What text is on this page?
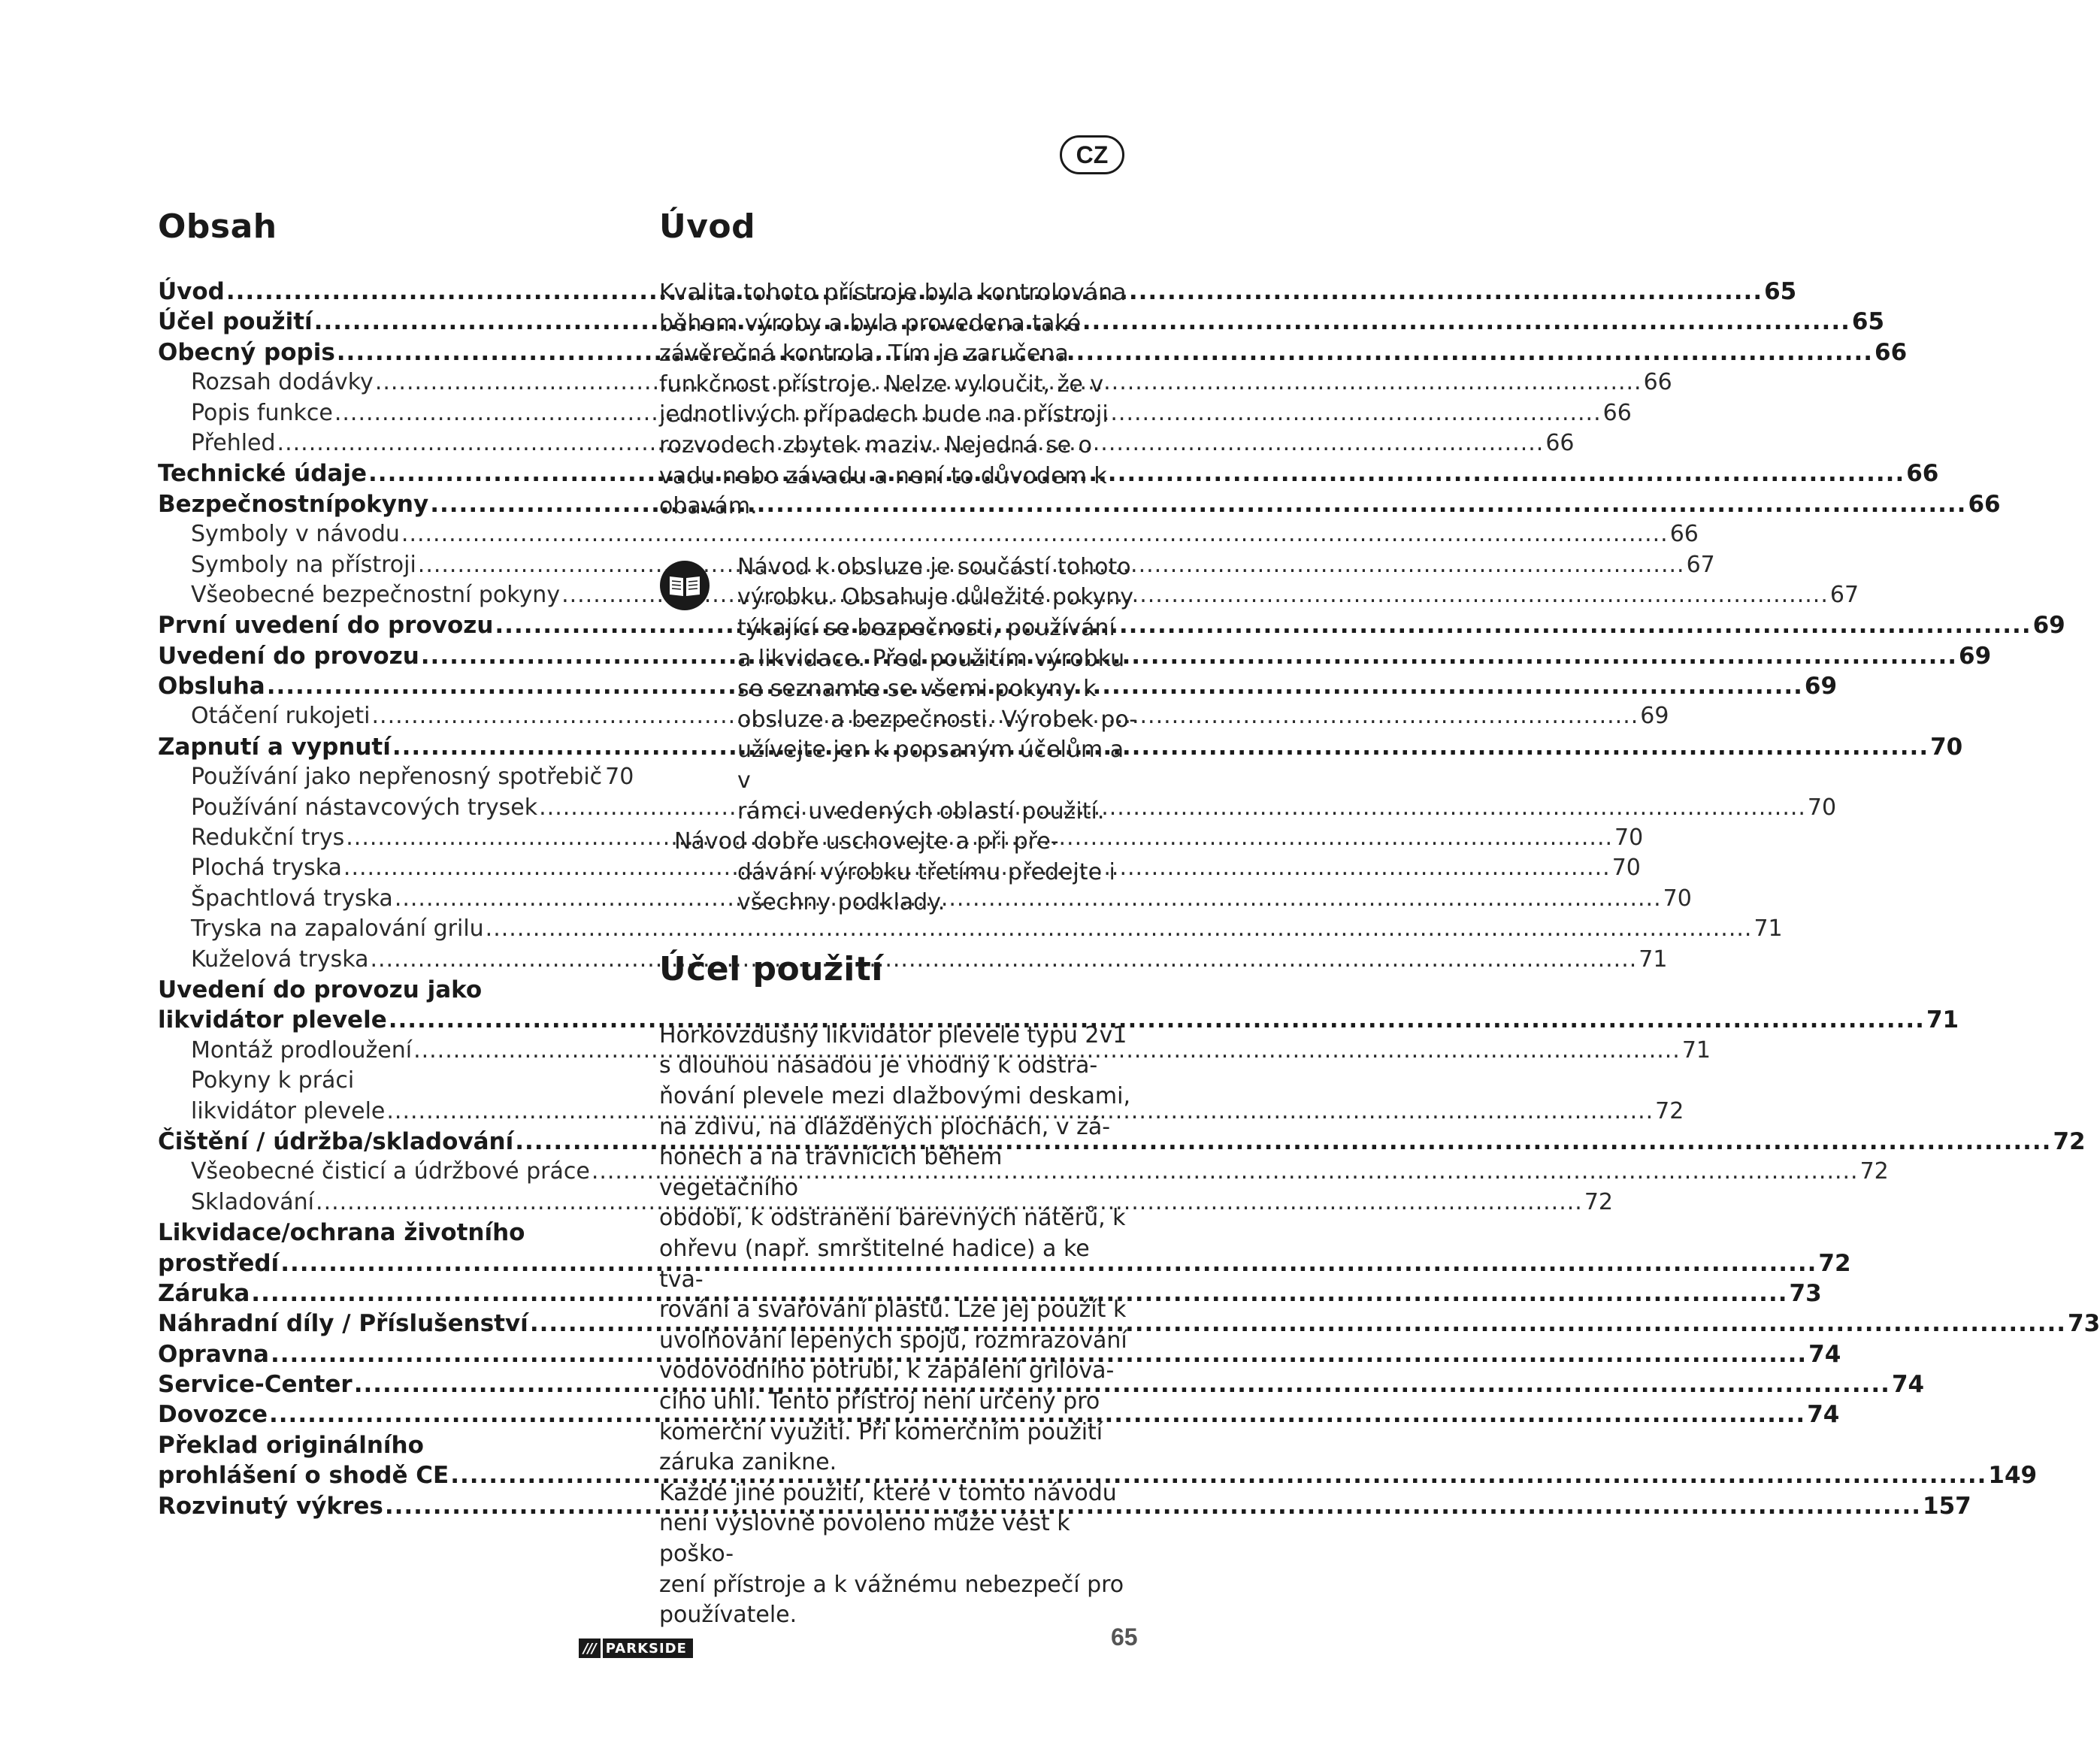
CZ
Obsah
Úvod .....	65
Účel použití .....	65
Obecný popis .....	66
Rozsah dodávky .....	66
Popis funkce .....	66
Přehled .....	66
Technické údaje .....	66
Bezpečnostnípokyny .....	66
Symboly v návodu .....	66
Symboly na přístroji .....	67
Všeobecné bezpečnostní pokyny .....	67
První uvedení do provozu .....	69
Uvedení do provozu .....	69
Obsluha .....	69
Otáčení rukojeti .....	69
Zapnutí a vypnutí .....	70
Používání jako nepřenosný spotřebič 70
Používání nástavcových trysek .....	70
Redukční trys .....	70
Plochá tryska .....	70
Špachtlová tryska .....	70
Tryska na zapalování grilu .....	71
Kuželová tryska .....	71
Uvedení do provozu jako
likvidátor plevele .....	71
Montáž prodloužení .....	71
Pokyny k práci
likvidátor plevele .....	72
Čištění / údržba/skladování .....	72
Všeobecné čisticí a údržbové práce .....	72
Skladování .....	72
Likvidace/ochrana životního
prostředí .....	72
Záruka .....	73
Náhradní díly / Příslušenství .....	73
Opravna .....	74
Service-Center .....	74
Dovozce .....	74
Překlad originálního
prohlášení o shodě CE .....	149
Rozvinutý výkres .....	157
Úvod
Kvalita tohoto přístroje byla kontrolována
během výroby a byla provedena také
závěrečná kontrola. Tím je zaručena
funkčnost přístroje. Nelze vyloučit, že v
jednotlivých případech bude na přístroji
rozvodech zbytek maziv. Nejedná se o
vadu nebo závadu a není to důvodem k
obavám.
Návod k obsluze je součástí tohoto
výrobku. Obsahuje důležité pokyny
týkající se bezpečnosti, používání
a likvidace. Před použitím výrobku
se seznamte se všemi pokyny k
obsluze a bezpečnosti. Výrobek po-
užívejte jen k popsaným účelům a v
rámci uvedených oblastí použití.
Návod dobře uschovejte a při pře-
dávání výrobku třetímu předejte i
všechny podklady.
Účel použití
Horkovzdušný likvidátor plevele typu 2v1
s dlouhou násadou je vhodný k odstra-
ňování plevele mezi dlažbovými deskami,
na zdivu, na dlážděných plochách, v zá-
honech a na trávnících během vegetačního
období, k odstranění barevných nátěrů, k
ohřevu (např. smrštitelné hadice) a ke tva-
rování a svařování plastů. Lze jej použít k
uvolňování lepených spojů, rozmrazování
vodovodního potrubí, k zapálení grilova-
cího uhlí. Tento přístroj není určený pro
komerční využití. Při komerčním použití
záruka zanikne.
Každé jiné použití, které v tomto návodu
není výslovně povoleno může vést k poško-
zení přístroje a k vážnému nebezpečí pro
používatele.
/// PARKSIDE	65
